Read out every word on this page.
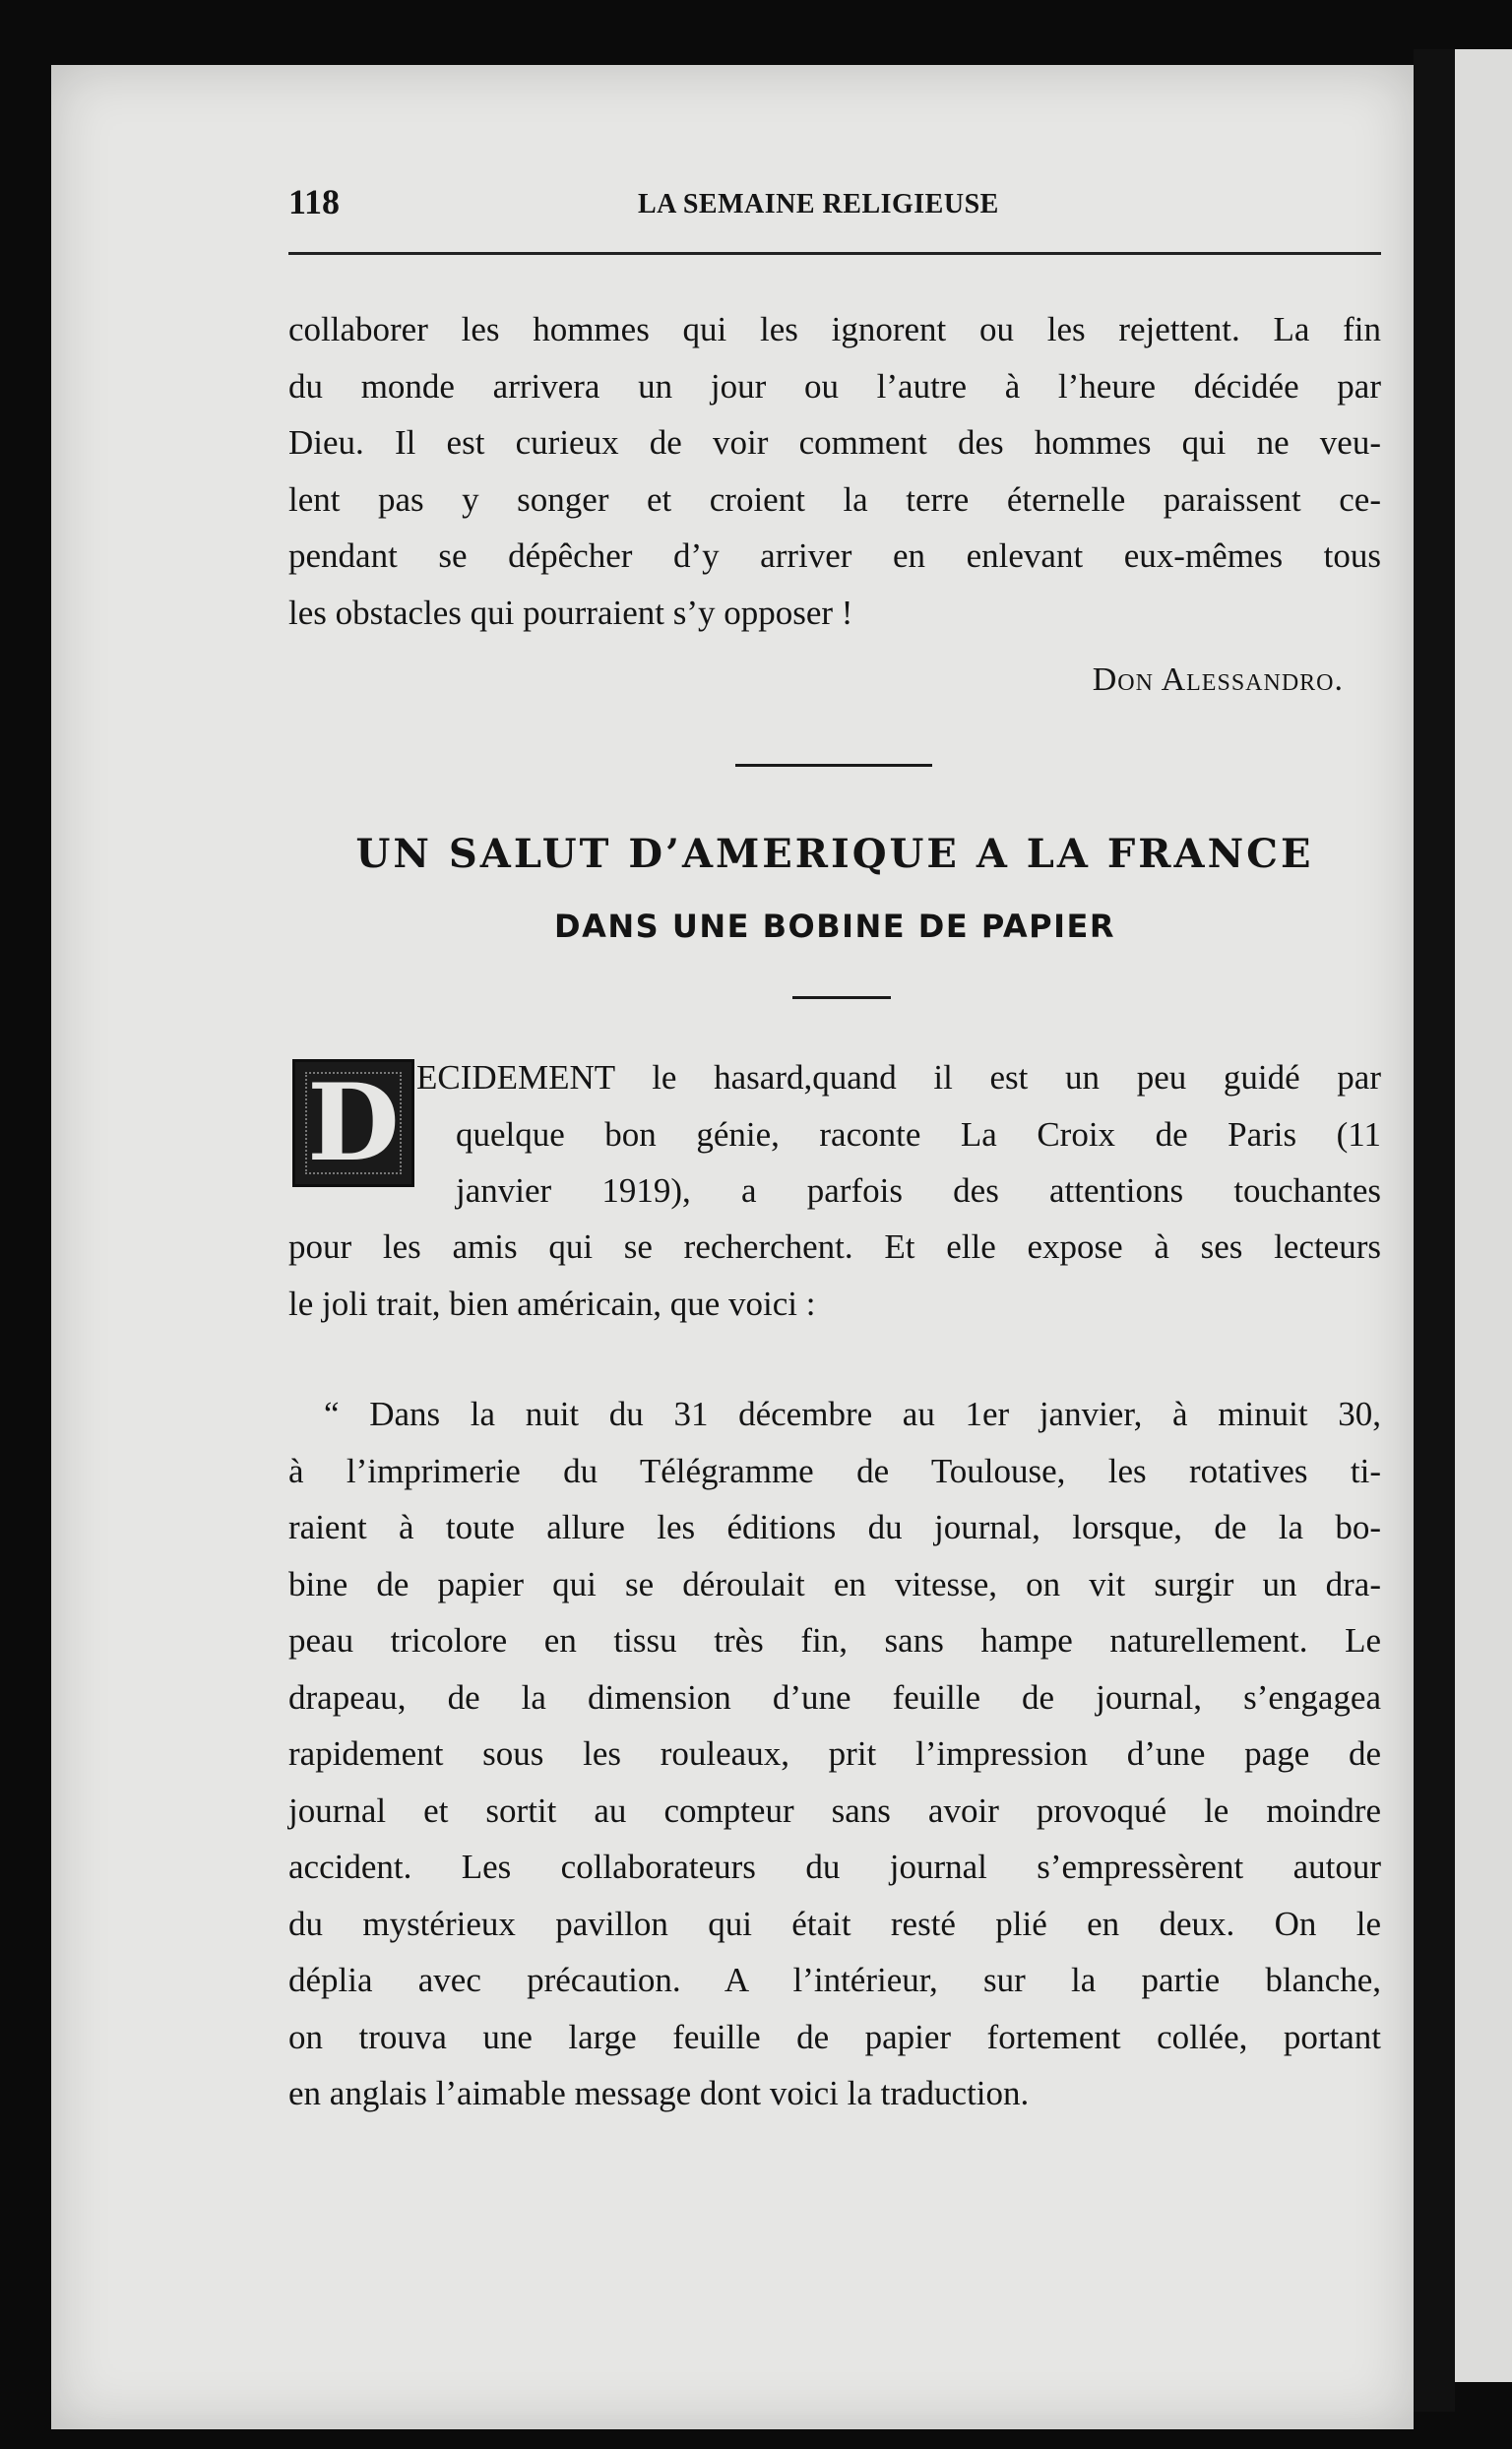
118	LA SEMAINE RELIGIEUSE
collaborer les hommes qui les ignorent ou les rejettent. La fin
du monde arrivera un jour ou l’autre à l’heure décidée par
Dieu. Il est curieux de voir comment des hommes qui ne veu-
lent pas y songer et croient la terre éternelle paraissent ce-
pendant se dépêcher d’y arriver en enlevant eux-mêmes tous
les obstacles qui pourraient s’y opposer !
Don Alessandro.
UN SALUT D’AMERIQUE A LA FRANCE
DANS UNE BOBINE DE PAPIER
D ECIDEMENT le hasard,quand il est un peu guidé par
quelque bon génie, raconte La Croix de Paris (11
janvier 1919), a parfois des attentions touchantes
pour les amis qui se recherchent. Et elle expose à ses lecteurs
le joli trait, bien américain, que voici :
“ Dans la nuit du 31 décembre au 1er janvier, à minuit 30,
à l’imprimerie du Télégramme de Toulouse, les rotatives ti-
raient à toute allure les éditions du journal, lorsque, de la bo-
bine de papier qui se déroulait en vitesse, on vit surgir un dra-
peau tricolore en tissu très fin, sans hampe naturellement. Le
drapeau, de la dimension d’une feuille de journal, s’engagea
rapidement sous les rouleaux, prit l’impression d’une page de
journal et sortit au compteur sans avoir provoqué le moindre
accident. Les collaborateurs du journal s’empressèrent autour
du mystérieux pavillon qui était resté plié en deux. On le
déplia avec précaution. A l’intérieur, sur la partie blanche,
on trouva une large feuille de papier fortement collée, portant
en anglais l’aimable message dont voici la traduction.
